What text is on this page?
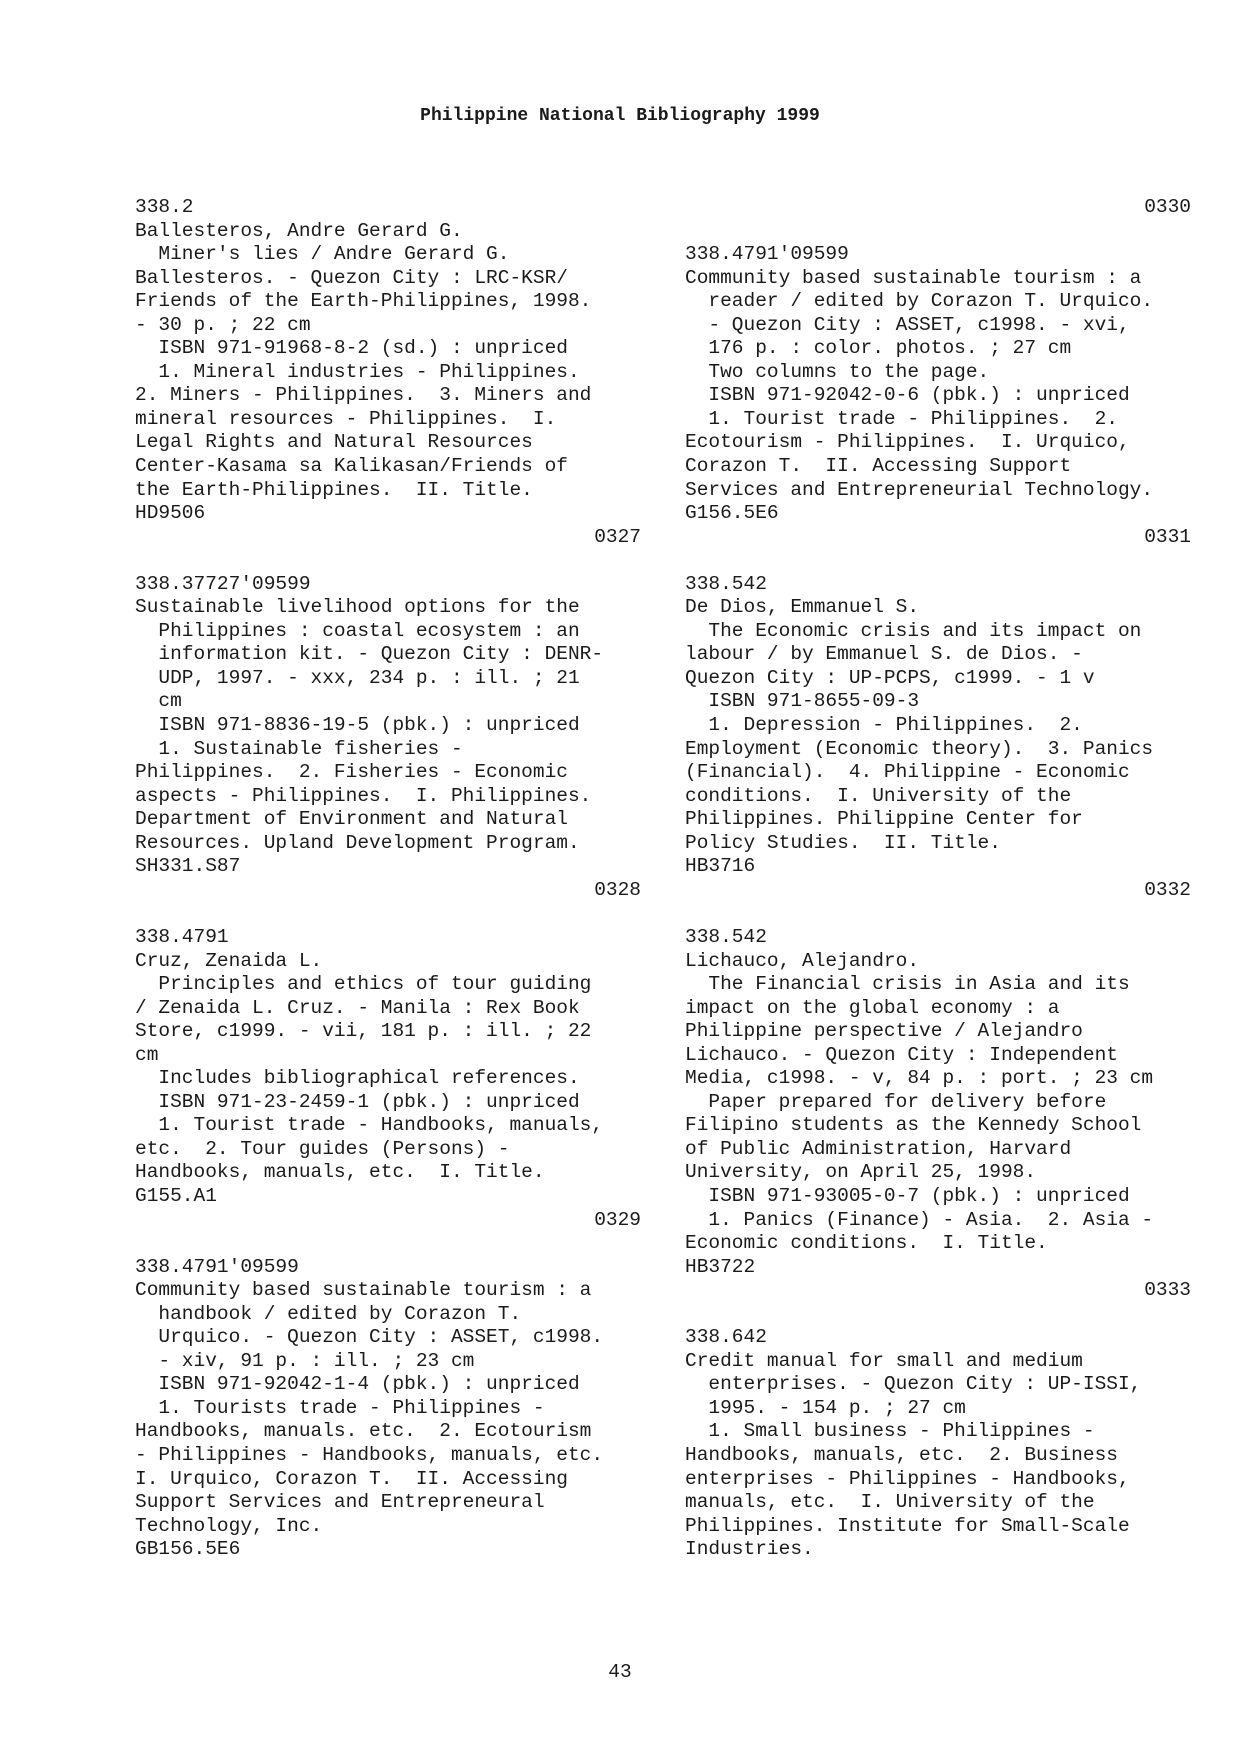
Philippine National Bibliography 1999
338.2
Ballesteros, Andre Gerard G.
Miner's lies / Andre Gerard G.
Ballesteros. - Quezon City : LRC-KSR/
Friends of the Earth-Philippines, 1998.
- 30 p. ; 22 cm
ISBN 971-91968-8-2 (sd.) : unpriced
1. Mineral industries - Philippines.
2. Miners - Philippines.  3. Miners and
mineral resources - Philippines.  I.
Legal Rights and Natural Resources
Center-Kasama sa Kalikasan/Friends of
the Earth-Philippines.  II. Title.
HD9506
0327
338.37727'09599
Sustainable livelihood options for the
Philippines : coastal ecosystem : an
information kit. - Quezon City : DENR-
UDP, 1997. - xxx, 234 p. : ill. ; 21
cm
ISBN 971-8836-19-5 (pbk.) : unpriced
1. Sustainable fisheries -
Philippines.  2. Fisheries - Economic
aspects - Philippines.  I. Philippines.
Department of Environment and Natural
Resources. Upland Development Program.
SH331.S87
0328
338.4791
Cruz, Zenaida L.
Principles and ethics of tour guiding
/ Zenaida L. Cruz. - Manila : Rex Book
Store, c1999. - vii, 181 p. : ill. ; 22
cm
Includes bibliographical references.
ISBN 971-23-2459-1 (pbk.) : unpriced
1. Tourist trade - Handbooks, manuals,
etc.  2. Tour guides (Persons) -
Handbooks, manuals, etc.  I. Title.
G155.A1
0329
338.4791'09599
Community based sustainable tourism : a
handbook / edited by Corazon T.
Urquico. - Quezon City : ASSET, c1998.
- xiv, 91 p. : ill. ; 23 cm
ISBN 971-92042-1-4 (pbk.) : unpriced
1. Tourists trade - Philippines -
Handbooks, manuals. etc.  2. Ecotourism
- Philippines - Handbooks, manuals, etc.
I. Urquico, Corazon T.  II. Accessing
Support Services and Entrepreneural
Technology, Inc.
GB156.5E6
0330
338.4791'09599
Community based sustainable tourism : a
reader / edited by Corazon T. Urquico.
- Quezon City : ASSET, c1998. - xvi,
176 p. : color. photos. ; 27 cm
Two columns to the page.
ISBN 971-92042-0-6 (pbk.) : unpriced
1. Tourist trade - Philippines.  2.
Ecotourism - Philippines.  I. Urquico,
Corazon T.  II. Accessing Support
Services and Entrepreneurial Technology.
G156.5E6
0331
338.542
De Dios, Emmanuel S.
The Economic crisis and its impact on
labour / by Emmanuel S. de Dios. -
Quezon City : UP-PCPS, c1999. - 1 v
ISBN 971-8655-09-3
1. Depression - Philippines.  2.
Employment (Economic theory).  3. Panics
(Financial).  4. Philippine - Economic
conditions.  I. University of the
Philippines. Philippine Center for
Policy Studies.  II. Title.
HB3716
0332
338.542
Lichauco, Alejandro.
The Financial crisis in Asia and its
impact on the global economy : a
Philippine perspective / Alejandro
Lichauco. - Quezon City : Independent
Media, c1998. - v, 84 p. : port. ; 23 cm
Paper prepared for delivery before
Filipino students as the Kennedy School
of Public Administration, Harvard
University, on April 25, 1998.
ISBN 971-93005-0-7 (pbk.) : unpriced
1. Panics (Finance) - Asia.  2. Asia -
Economic conditions.  I. Title.
HB3722
0333
338.642
Credit manual for small and medium
enterprises. - Quezon City : UP-ISSI,
1995. - 154 p. ; 27 cm
1. Small business - Philippines -
Handbooks, manuals, etc.  2. Business
enterprises - Philippines - Handbooks,
manuals, etc.  I. University of the
Philippines. Institute for Small-Scale
Industries.
43
